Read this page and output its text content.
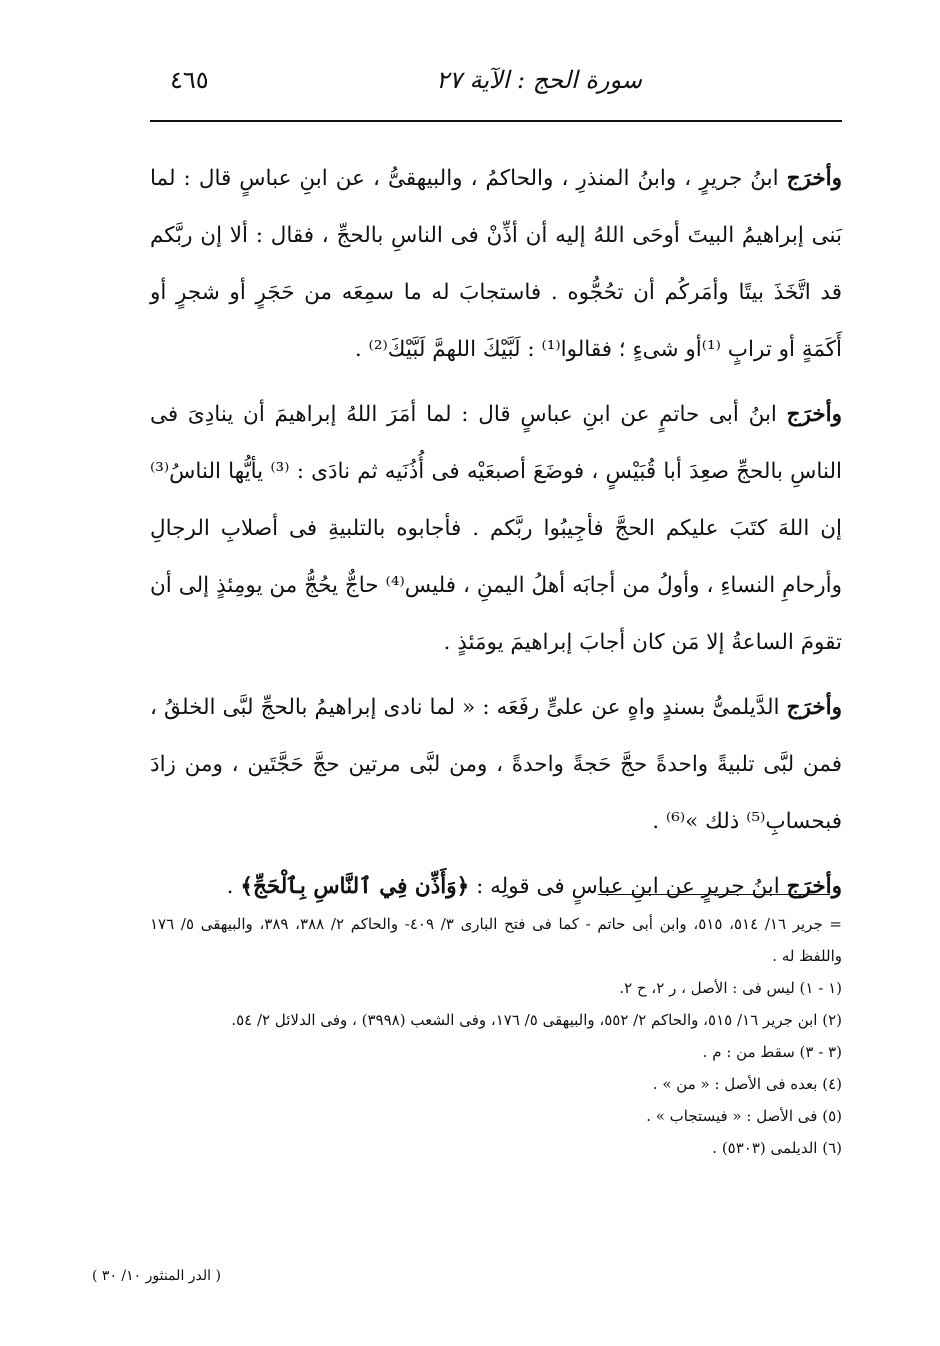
سورة الحج : الآية ٢٧
٤٦٥

وأخرَج ابنُ جريرٍ ، وابنُ المنذرِ ، والحاكمُ ، والبيهقىُّ ، عن ابنِ عباسٍ قال : لما بَنى إبراهيمُ البيتَ أوحَى اللهُ إليه أن أذِّنْ فى الناسِ بالحجِّ ، فقال : ألا إن ربَّكم قد اتَّخَذَ بيتًا وأمَركُم أن تحُجُّوه . فاستجابَ له ما سمِعَه من حَجَرٍ أو شجرٍ أو أَكَمَةٍ أو ترابٍ ⁽¹⁾أو شىءٍ ؛ فقالوا⁽¹⁾ : لَبَّيْكَ اللهمَّ لَبَّيْكَ⁽²⁾ .

وأخرَج ابنُ أبى حاتمٍ عن ابنِ عباسٍ قال : لما أمَرَ اللهُ إبراهيمَ أن ينادِىَ فى الناسِ بالحجِّ صعِدَ أبا قُبَيْسٍ ، فوضَعَ أصبعَيْه فى أُذُنَيه ثم نادَى : ⁽³⁾ يأيُّها الناسُ⁽³⁾ إن اللهَ كتَبَ عليكم الحجَّ فأجِيبُوا ربَّكم . فأجابوه بالتلبيةِ فى أصلابِ الرجالِ وأرحامِ النساءِ ، وأولُ من أجابَه أهلُ اليمنِ ، فليس⁽⁴⁾ حاجٌّ يحُجُّ من يومِئذٍ إلى أن تقومَ الساعةُ إلا مَن كان أجابَ إبراهيمَ يومَئذٍ .

وأخرَج الدَّيلمىُّ بسندٍ واهٍ عن علىٍّ رفَعَه : « لما نادى إبراهيمُ بالحجِّ لبَّى الخلقُ ، فمن لبَّى تلبيةً واحدةً حجَّ حَجةً واحدةً ، ومن لبَّى مرتين حجَّ حَجَّتَين ، ومن زادَ فبحسابِ⁽⁵⁾ ذلك »⁽⁶⁾ .

وأخرَج ابنُ جريرٍ عن ابنِ عباسٍ فى قولِه : ﴿وَأَذِّن فِي ٱلنَّاسِ بِٱلْحَجِّ﴾ .

= جرير ١٦/ ٥١٤، ٥١٥، وابن أبى حاتم - كما فى فتح البارى ٣/ ٤٠٩- والحاكم ٢/ ٣٨٨، ٣٨٩، والبيهقى ٥/ ١٧٦ واللفظ له .

(١ - ١) ليس فى : الأصل ، ر ٢، ح ٢.

(٢) ابن جرير ١٦/ ٥١٥، والحاكم ٢/ ٥٥٢، والبيهقى ٥/ ١٧٦، وفى الشعب (٣٩٩٨) ، وفى الدلائل ٢/ ٥٤.

(٣ - ٣) سقط من : م .

(٤) بعده فى الأصل : « من » .

(٥) فى الأصل : « فيستجاب » .

(٦) الديلمى (٥٣٠٣) .

( الدر المنثور ١٠/ ٣٠ )
